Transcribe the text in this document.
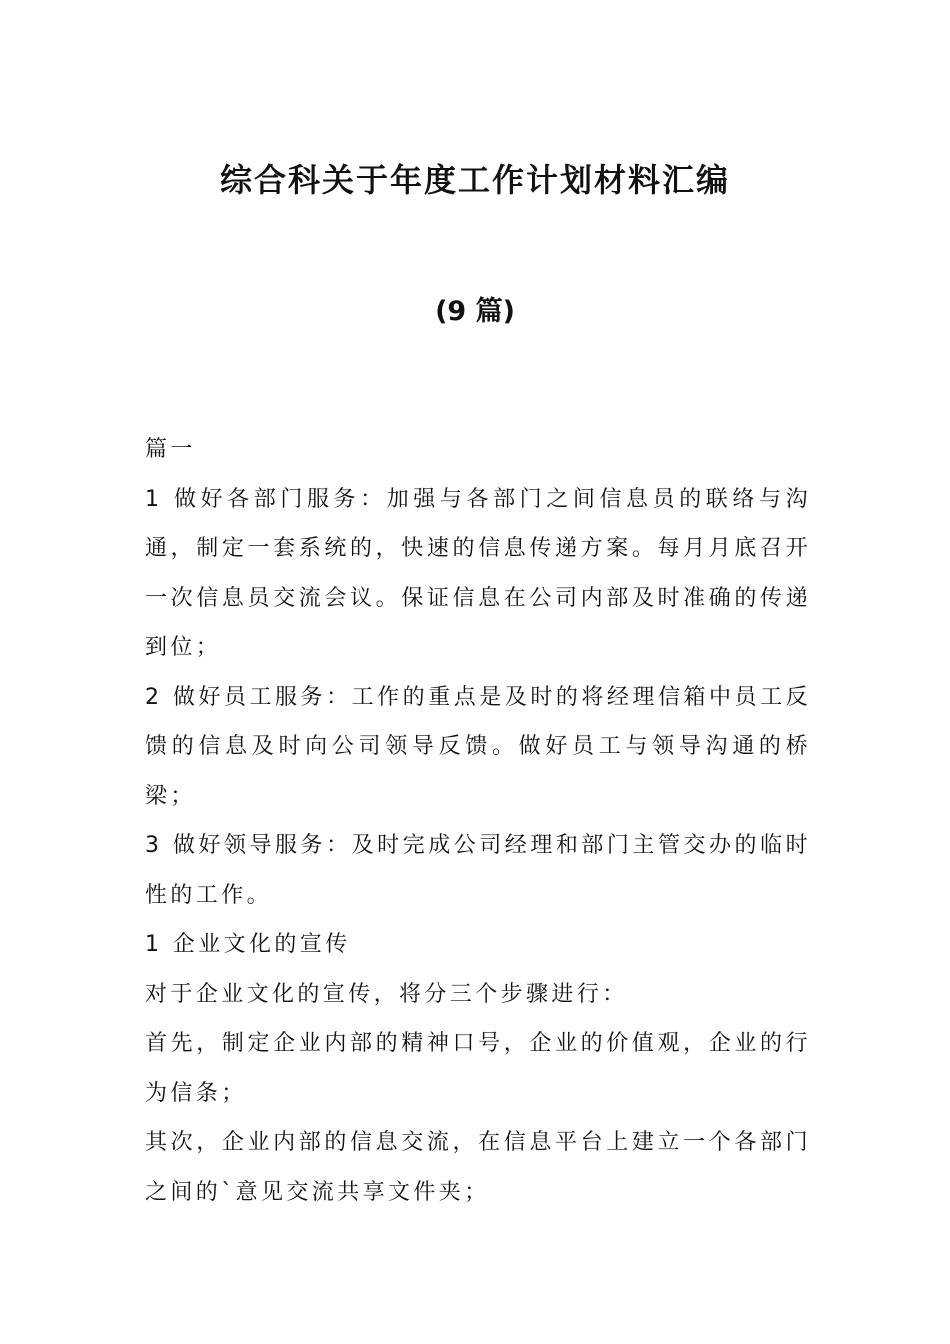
综合科关于年度工作计划材料汇编
(9 篇)

篇一

1 做好各部门服务：加强与各部门之间信息员的联络与沟通，制定一套系统的，快速的信息传递方案。每月月底召开一次信息员交流会议。保证信息在公司内部及时准确的传递到位；

2 做好员工服务：工作的重点是及时的将经理信箱中员工反馈的信息及时向公司领导反馈。做好员工与领导沟通的桥梁；

3 做好领导服务：及时完成公司经理和部门主管交办的临时性的工作。

1 企业文化的宣传

对于企业文化的宣传，将分三个步骤进行：

首先，制定企业内部的精神口号，企业的价值观，企业的行为信条；

其次，企业内部的信息交流，在信息平台上建立一个各部门之间的`意见交流共享文件夹；
